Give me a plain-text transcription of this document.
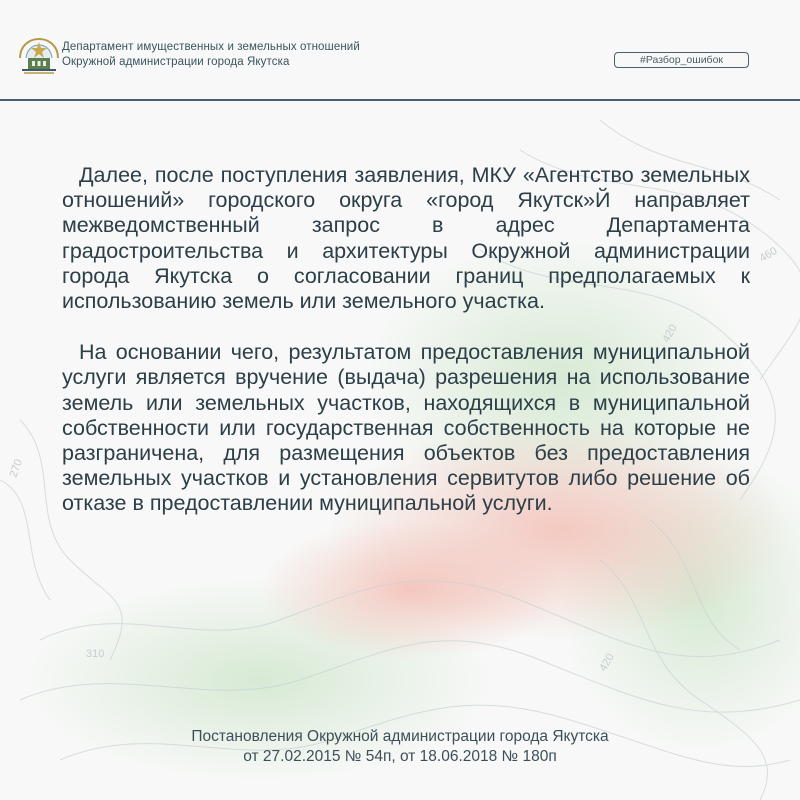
460
420
270
310	420
Департамент имущественных и земельных отношений
Окружной администрации города Якутска	#Разбор_ошибок

Далее, после поступления заявления, МКУ «Агентство земельных отношений» городского округа «город Якутск»Й направляет межведомственный запрос в адрес Департамента градостроительства и архитектуры Окружной администрации города Якутска о согласовании границ предполагаемых к использованию земель или земельного участка.

На основании чего, результатом предоставления муниципальной услуги является вручение (выдача) разрешения на использование земель или земельных участков, находящихся в муниципальной собственности или государственная собственность на которые не разграничена, для размещения объектов без предоставления земельных участков и установления сервитутов либо решение об отказе в предоставлении муниципальной услуги.

Постановления Окружной администрации города Якутска
от 27.02.2015 № 54п, от 18.06.2018 № 180п
